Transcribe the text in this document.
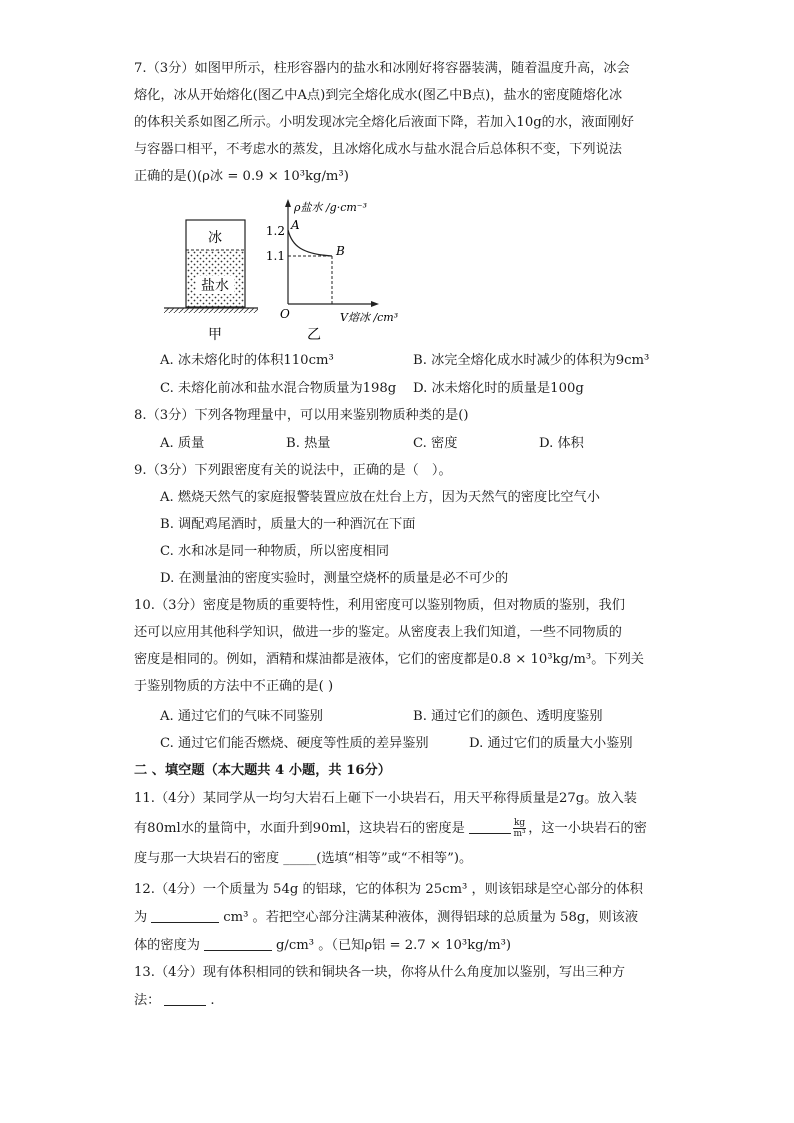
7.（3分）如图甲所示，柱形容器内的盐水和冰刚好将容器装满，随着温度升高，冰会
熔化，冰从开始熔化(图乙中A点)到完全熔化成水(图乙中B点)，盐水的密度随熔化冰
的体积关系如图乙所示。小明发现冰完全熔化后液面下降，若加入10g的水，液面刚好
与容器口相平，不考虑水的蒸发，且冰熔化成水与盐水混合后总体积不变，下列说法
正确的是()(ρ冰 = 0.9 × 10³kg/m³)
冰
盐水
甲
ρ盐水 /g·cm⁻³
1.2
1.1
A
B
O	V熔冰 /cm³
乙
A. 冰未熔化时的体积110cm³	B. 冰完全熔化成水时减少的体积为9cm³
C. 未熔化前冰和盐水混合物质量为198g D. 冰未熔化时的质量是100g
8.（3分）下列各物理量中，可以用来鉴别物质种类的是()
A. 质量	B. 热量	C. 密度	D. 体积
9.（3分）下列跟密度有关的说法中，正确的是（　）。
A. 燃烧天然气的家庭报警装置应放在灶台上方，因为天然气的密度比空气小
B. 调配鸡尾酒时，质量大的一种酒沉在下面
C. 水和冰是同一种物质，所以密度相同
D. 在测量油的密度实验时，测量空烧杯的质量是必不可少的
10.（3分）密度是物质的重要特性，利用密度可以鉴别物质，但对物质的鉴别，我们
还可以应用其他科学知识，做进一步的鉴定。从密度表上我们知道，一些不同物质的
密度是相同的。例如，酒精和煤油都是液体，它们的密度都是0.8 × 10³kg/m³。下列关
于鉴别物质的方法中不正确的是( )
A. 通过它们的气味不同鉴别	B. 通过它们的颜色、透明度鉴别
C. 通过它们能否燃烧、硬度等性质的差异鉴别	D. 通过它们的质量大小鉴别
二 、填空题（本大题共 4 小题，共 16分）
11.（4分）某同学从一均匀大岩石上砸下一小块岩石，用天平称得质量是27g。放入装
有80ml水的量筒中，水面升到90ml，这块岩石的密度是	$\frac{kg}{\text{m³}}$ ，这一小块岩石的密
度与那一大块岩石的密度 _____(选填“相等”或“不相等”)。
12.（4分）一个质量为 54g 的铝球，它的体积为 25cm³ ，则该铝球是空心部分的体积
为	cm³ 。若把空心部分注满某种液体，测得铝球的总质量为 58g，则该液
体的密度为	g/cm³ 。（已知ρ铝 = 2.7 × 10³kg/m³)
13.（4分）现有体积相同的铁和铜块各一块，你将从什么角度加以鉴别，写出三种方
法：	.
